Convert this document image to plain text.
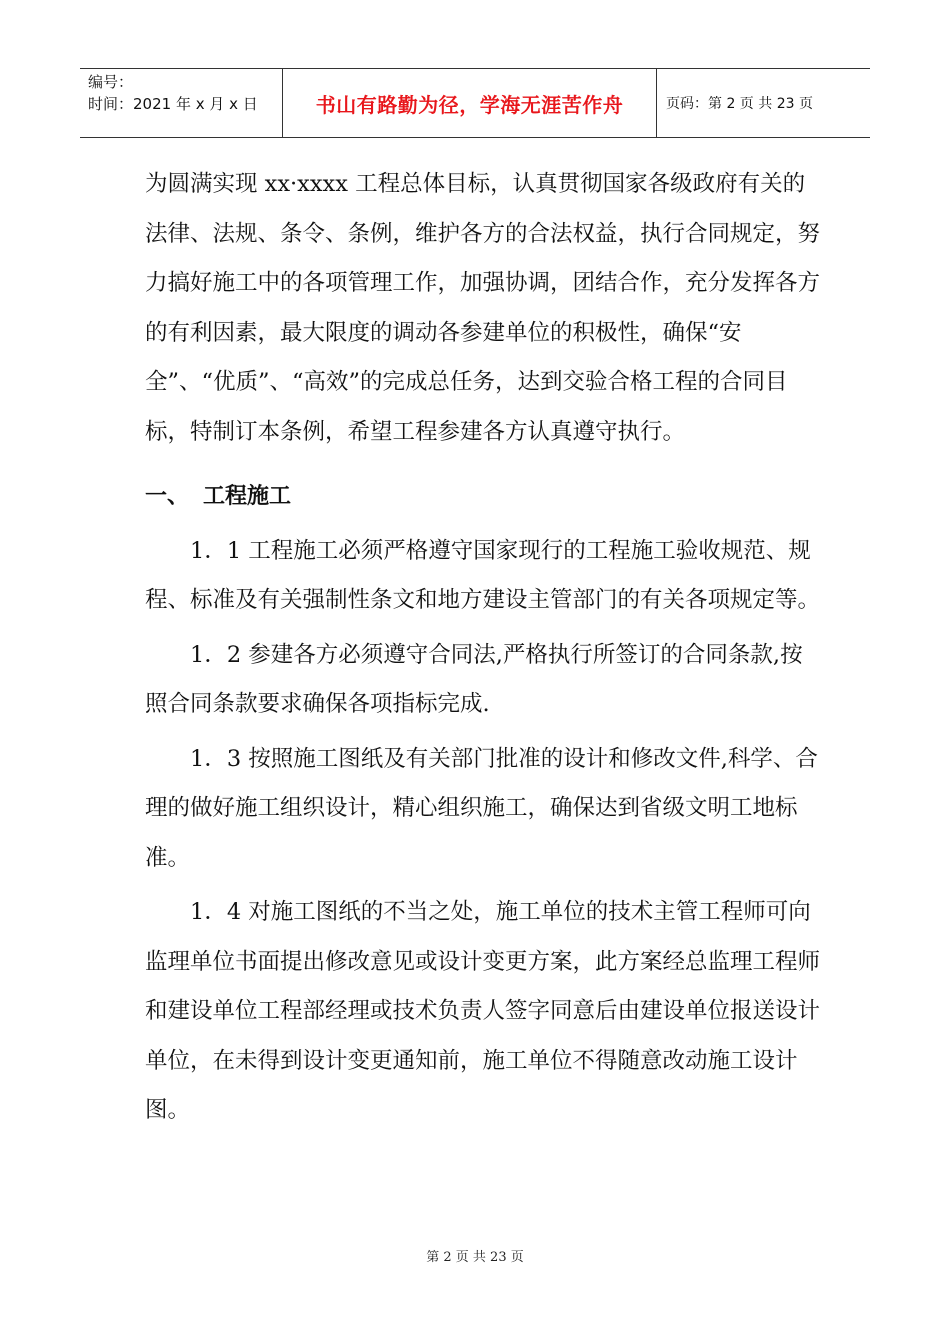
编号：
时间：2021 年 x 月 x 日	书山有路勤为径，学海无涯苦作舟	页码：第 2 页 共 23 页

为圆满实现 xx·xxxx 工程总体目标，认真贯彻国家各级政府有关的法律、法规、条令、条例，维护各方的合法权益，执行合同规定，努力搞好施工中的各项管理工作，加强协调，团结合作，充分发挥各方的有利因素，最大限度的调动各参建单位的积极性，确保“安全”、“优质”、“高效”的完成总任务，达到交验合格工程的合同目标，特制订本条例，希望工程参建各方认真遵守执行。

一、 工程施工

1．1 工程施工必须严格遵守国家现行的工程施工验收规范、规程、标准及有关强制性条文和地方建设主管部门的有关各项规定等。

1．2 参建各方必须遵守合同法,严格执行所签订的合同条款,按照合同条款要求确保各项指标完成.

1．3 按照施工图纸及有关部门批准的设计和修改文件,科学、合理的做好施工组织设计，精心组织施工，确保达到省级文明工地标准。

1．4 对施工图纸的不当之处，施工单位的技术主管工程师可向监理单位书面提出修改意见或设计变更方案，此方案经总监理工程师和建设单位工程部经理或技术负责人签字同意后由建设单位报送设计单位，在未得到设计变更通知前，施工单位不得随意改动施工设计图。

第 2 页 共 23 页
